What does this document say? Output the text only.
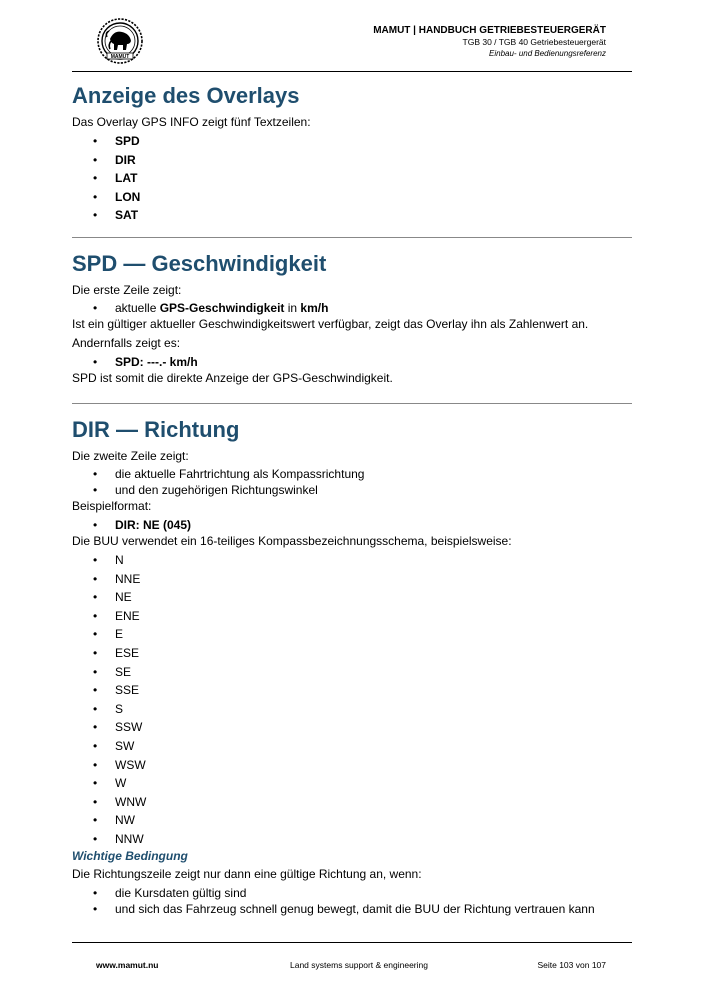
MAMUT
MAMUT | HANDBUCH GETRIEBESTEUERGERÄT
TGB 30 / TGB 40 Getriebesteuergerät
Einbau- und Bedienungsreferenz
Anzeige des Overlays

Das Overlay GPS INFO zeigt fünf Textzeilen:

• SPD
• DIR
• LAT
• LON
• SAT
SPD — Geschwindigkeit

Die erste Zeile zeigt:

• aktuelle GPS-Geschwindigkeit in km/h

Ist ein gültiger aktueller Geschwindigkeitswert verfügbar, zeigt das Overlay ihn als Zahlenwert an.

Andernfalls zeigt es:

• SPD: ---.- km/h

SPD ist somit die direkte Anzeige der GPS-Geschwindigkeit.

DIR — Richtung

Die zweite Zeile zeigt:

• die aktuelle Fahrtrichtung als Kompassrichtung
• und den zugehörigen Richtungswinkel

Beispielformat:

• DIR: NE (045)

Die BUU verwendet ein 16-teiliges Kompassbezeichnungsschema, beispielsweise:

• N
• NNE
• NE
• ENE
• E
• ESE
• SE
• SSE
• S
• SSW
• SW
• WSW
• W
• WNW
• NW
• NNW

Wichtige Bedingung

Die Richtungszeile zeigt nur dann eine gültige Richtung an, wenn:

• die Kursdaten gültig sind
• und sich das Fahrzeug schnell genug bewegt, damit die BUU der Richtung vertrauen kann
www.mamut.nu	Land systems support & engineering	Seite 103 von 107
